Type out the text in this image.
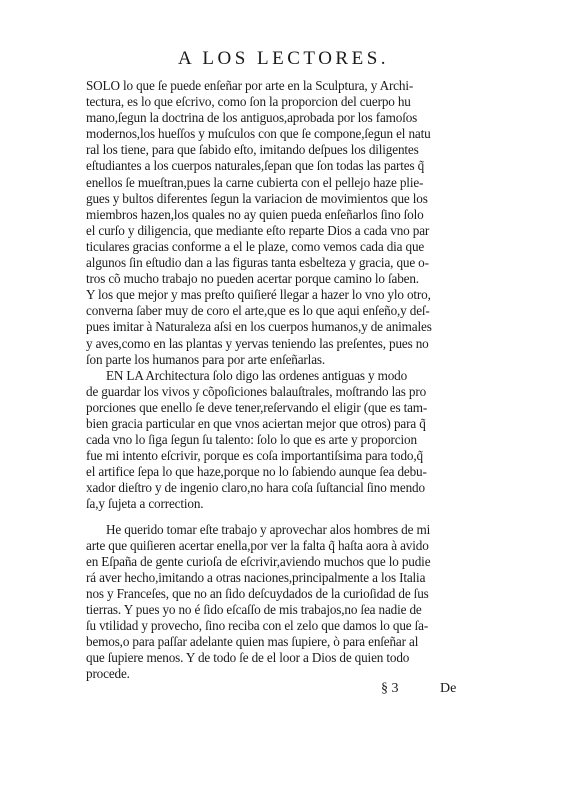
A LOS LECTORES.
SOLO lo que ſe puede enſeñar por arte en la Sculptura, y Archi-
tectura, es lo que eſcrivo, como ſon la proporcion del cuerpo hu
mano,ſegun la doctrina de los antiguos,aprobada por los famoſos
modernos,los hueſſos y muſculos con que ſe compone,ſegun el natu
ral los tiene, para que ſabido eſto, imitando deſpues los diligentes
eſtudiantes a los cuerpos naturales,ſepan que ſon todas las partes q̃
enellos ſe mueſtran,pues la carne cubierta con el pellejo haze plie-
gues y bultos diferentes ſegun la variacion de movimientos que los
miembros hazen,los quales no ay quien pueda enſeñarlos ſino ſolo
el curſo y diligencia, que mediante eſto reparte Dios a cada vno par
ticulares gracias conforme a el le plaze, como vemos cada dia que
algunos ſin eſtudio dan a las figuras tanta esbelteza y gracia, que o-
tros cõ mucho trabajo no pueden acertar porque camino lo ſaben.
Y los que mejor y mas preſto quiſieré llegar a hazer lo vno ylo otro,
converna ſaber muy de coro el arte,que es lo que aqui enſeño,y deſ-
pues imitar à Naturaleza aſsi en los cuerpos humanos,y de animales
y aves,como en las plantas y yervas teniendo las preſentes, pues no
ſon parte los humanos para por arte enſeñarlas.
EN LA Architectura ſolo digo las ordenes antiguas y modo
de guardar los vivos y cõpoſiciones balauſtrales, moſtrando las pro
porciones que enello ſe deve tener,reſervando el eligir (que es tam-
bien gracia particular en que vnos aciertan mejor que otros) para q̃
cada vno lo ſiga ſegun ſu talento: ſolo lo que es arte y proporcion
fue mi intento eſcrivir, porque es coſa importantiſsima para todo,q̃
el artifice ſepa lo que haze,porque no lo ſabiendo aunque ſea debu-
xador dieſtro y de ingenio claro,no hara coſa ſuſtancial ſino mendo
ſa,y ſujeta a correction.
He querido tomar eſte trabajo y aprovechar alos hombres de mi
arte que quiſieren acertar enella,por ver la falta q̃ haſta aora à avido
en Eſpaña de gente curioſa de eſcrivir,aviendo muchos que lo pudie
rá aver hecho,imitando a otras naciones,principalmente a los Italia
nos y Franceſes, que no an ſido deſcuydados de la curioſidad de ſus
tierras. Y pues yo no é ſido eſcaſſo de mis trabajos,no ſea nadie de
ſu vtilidad y provecho, ſino reciba con el zelo que damos lo que ſa-
bemos,o para paſſar adelante quien mas ſupiere, ò para enſeñar al
que ſupiere menos. Y de todo ſe de el loor a Dios de quien todo
procede.
§ 3	De
